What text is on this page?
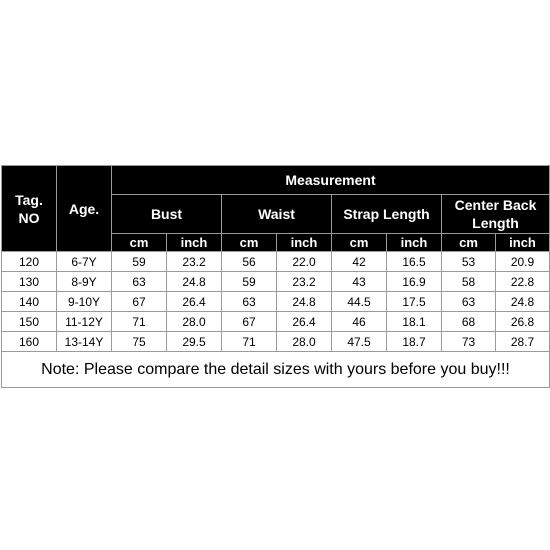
Tag.
NO	Age.	Measurement							
		Bust		Waist		Strap Length		Center Back
Length	
		cm	inch	cm	inch	cm	inch	cm	inch
120	6-7Y	59	23.2	56	22.0	42	16.5	53	20.9
130	8-9Y	63	24.8	59	23.2	43	16.9	58	22.8
140	9-10Y	67	26.4	63	24.8	44.5	17.5	63	24.8
150	11-12Y	71	28.0	67	26.4	46	18.1	68	26.8
160	13-14Y	75	29.5	71	28.0	47.5	18.7	73	28.7
Note: Please compare the detail sizes with yours before you buy!!!									
